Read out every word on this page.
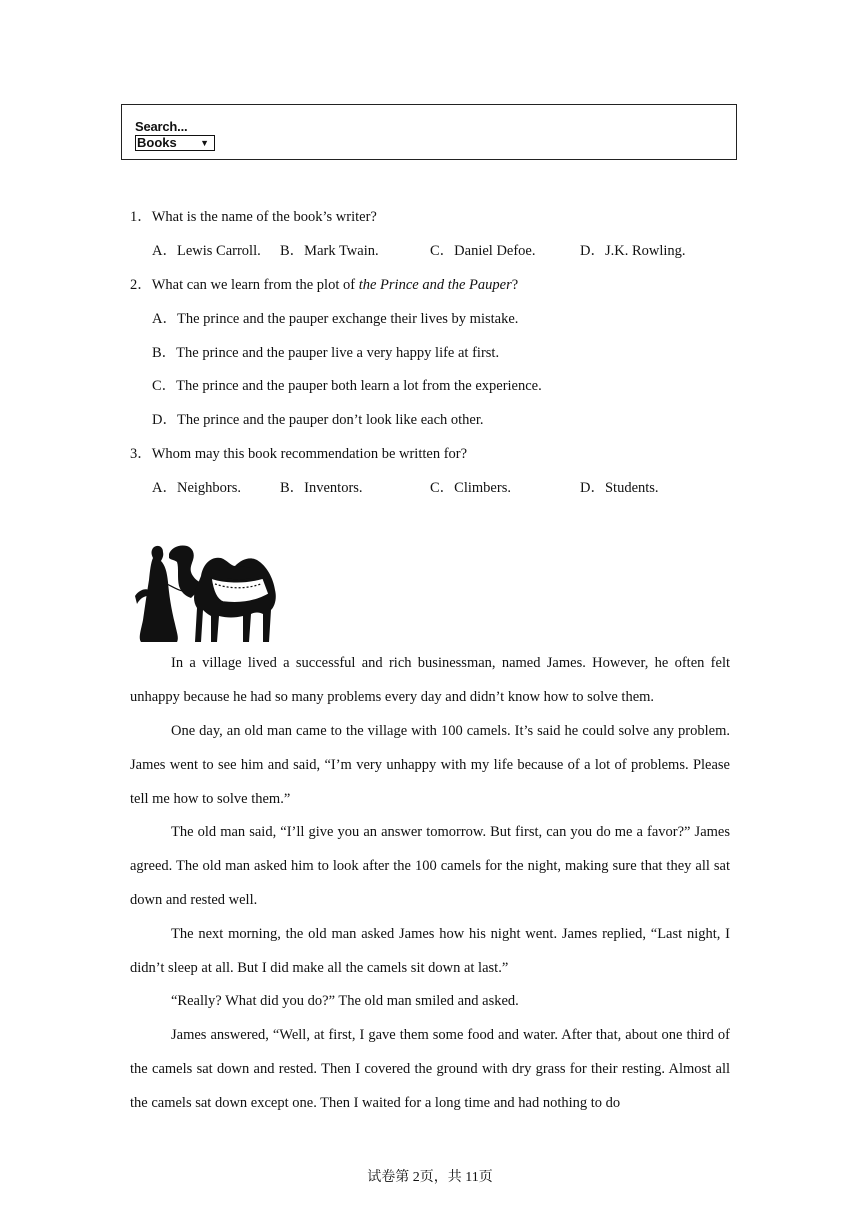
Search...
Books	▼
1．What is the name of the book’s writer?
A．Lewis Carroll. B．Mark Twain.	C．Daniel Defoe.	D．J.K. Rowling.
2．What can we learn from the plot of the Prince and the Pauper?
A．The prince and the pauper exchange their lives by mistake.
B．The prince and the pauper live a very happy life at first.
C．The prince and the pauper both learn a lot from the experience.
D．The prince and the pauper don’t look like each other.
3．Whom may this book recommendation be written for?
A．Neighbors.	B．Inventors.	C．Climbers.	D．Students.
In a village lived a successful and rich businessman, named James. However, he often felt unhappy because he had so many problems every day and didn’t know how to solve them.
One day, an old man came to the village with 100 camels. It’s said he could solve any problem. James went to see him and said, “I’m very unhappy with my life because of a lot of problems. Please tell me how to solve them.”
The old man said, “I’ll give you an answer tomorrow. But first, can you do me a favor?” James agreed. The old man asked him to look after the 100 camels for the night, making sure that they all sat down and rested well.
The next morning, the old man asked James how his night went. James replied, “Last night, I didn’t sleep at all. But I did make all the camels sit down at last.”
“Really? What did you do?” The old man smiled and asked.
James answered, “Well, at first, I gave them some food and water. After that, about one third of the camels sat down and rested. Then I covered the ground with dry grass for their resting. Almost all the camels sat down except one. Then I waited for a long time and had nothing to do
试卷第 2页，共 11页
